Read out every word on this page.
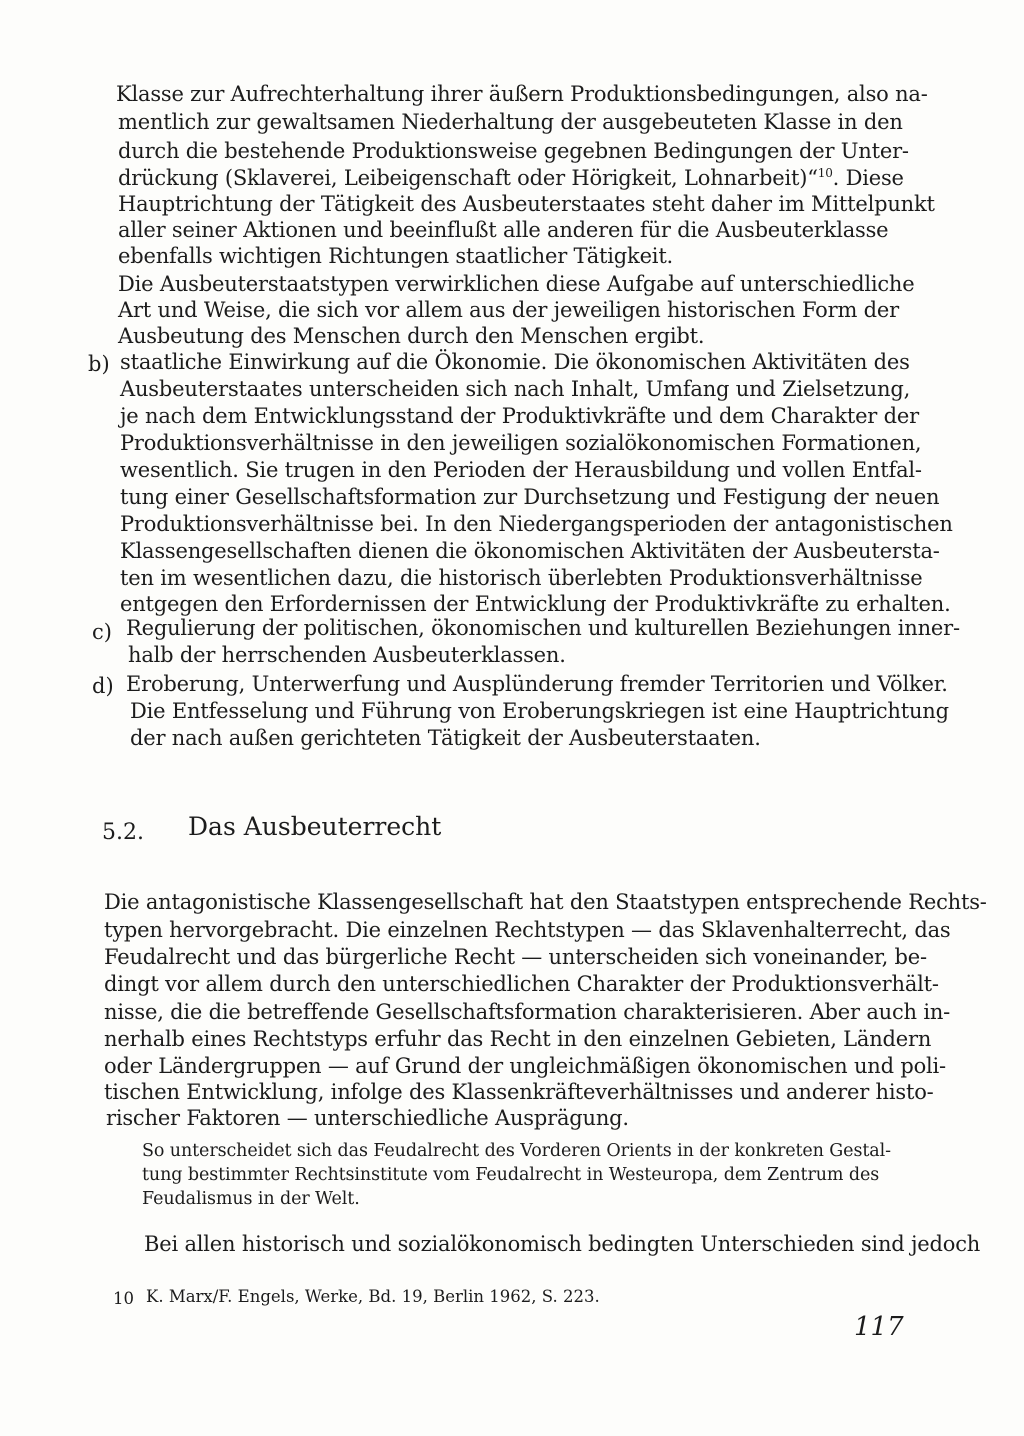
Klasse zur Aufrechterhaltung ihrer äußern Produktionsbedingungen, also na-
mentlich zur gewaltsamen Niederhaltung der ausgebeuteten Klasse in den
durch die bestehende Produktionsweise gegebnen Bedingungen der Unter-
drückung (Sklaverei, Leibeigenschaft oder Hörigkeit, Lohnarbeit)“$^{10}$. Diese
Hauptrichtung der Tätigkeit des Ausbeuterstaates steht daher im Mittelpunkt
aller seiner Aktionen und beeinflußt alle anderen für die Ausbeuterklasse
ebenfalls wichtigen Richtungen staatlicher Tätigkeit.
Die Ausbeuterstaatstypen verwirklichen diese Aufgabe auf unterschiedliche
Art und Weise, die sich vor allem aus der jeweiligen historischen Form der
Ausbeutung des Menschen durch den Menschen ergibt.
b) staatliche Einwirkung auf die Ökonomie. Die ökonomischen Aktivitäten des
Ausbeuterstaates unterscheiden sich nach Inhalt, Umfang und Zielsetzung,
je nach dem Entwicklungsstand der Produktivkräfte und dem Charakter der
Produktionsverhältnisse in den jeweiligen sozialökonomischen Formationen,
wesentlich. Sie trugen in den Perioden der Herausbildung und vollen Entfal-
tung einer Gesellschaftsformation zur Durchsetzung und Festigung der neuen
Produktionsverhältnisse bei. In den Niedergangsperioden der antagonistischen
Klassengesellschaften dienen die ökonomischen Aktivitäten der Ausbeutersta-
ten im wesentlichen dazu, die historisch überlebten Produktionsverhältnisse
entgegen den Erfordernissen der Entwicklung der Produktivkräfte zu erhalten.
c) Regulierung der politischen, ökonomischen und kulturellen Beziehungen inner-
halb der herrschenden Ausbeuterklassen.
d) Eroberung, Unterwerfung und Ausplünderung fremder Territorien und Völker.
Die Entfesselung und Führung von Eroberungskriegen ist eine Hauptrichtung
der nach außen gerichteten Tätigkeit der Ausbeuterstaaten.
5.2. Das Ausbeuterrecht
Die antagonistische Klassengesellschaft hat den Staatstypen entsprechende Rechts-
typen hervorgebracht. Die einzelnen Rechtstypen — das Sklavenhalterrecht, das
Feudalrecht und das bürgerliche Recht — unterscheiden sich voneinander, be-
dingt vor allem durch den unterschiedlichen Charakter der Produktionsverhält-
nisse, die die betreffende Gesellschaftsformation charakterisieren. Aber auch in-
nerhalb eines Rechtstyps erfuhr das Recht in den einzelnen Gebieten, Ländern
oder Ländergruppen — auf Grund der ungleichmäßigen ökonomischen und poli-
tischen Entwicklung, infolge des Klassenkräfteverhältnisses und anderer histo-
rischer Faktoren — unterschiedliche Ausprägung.
So unterscheidet sich das Feudalrecht des Vorderen Orients in der konkreten Gestal-
tung bestimmter Rechtsinstitute vom Feudalrecht in Westeuropa, dem Zentrum des
Feudalismus in der Welt.
Bei allen historisch und sozialökonomisch bedingten Unterschieden sind jedoch
10 K. Marx/F. Engels, Werke, Bd. 19, Berlin 1962, S. 223.
117
